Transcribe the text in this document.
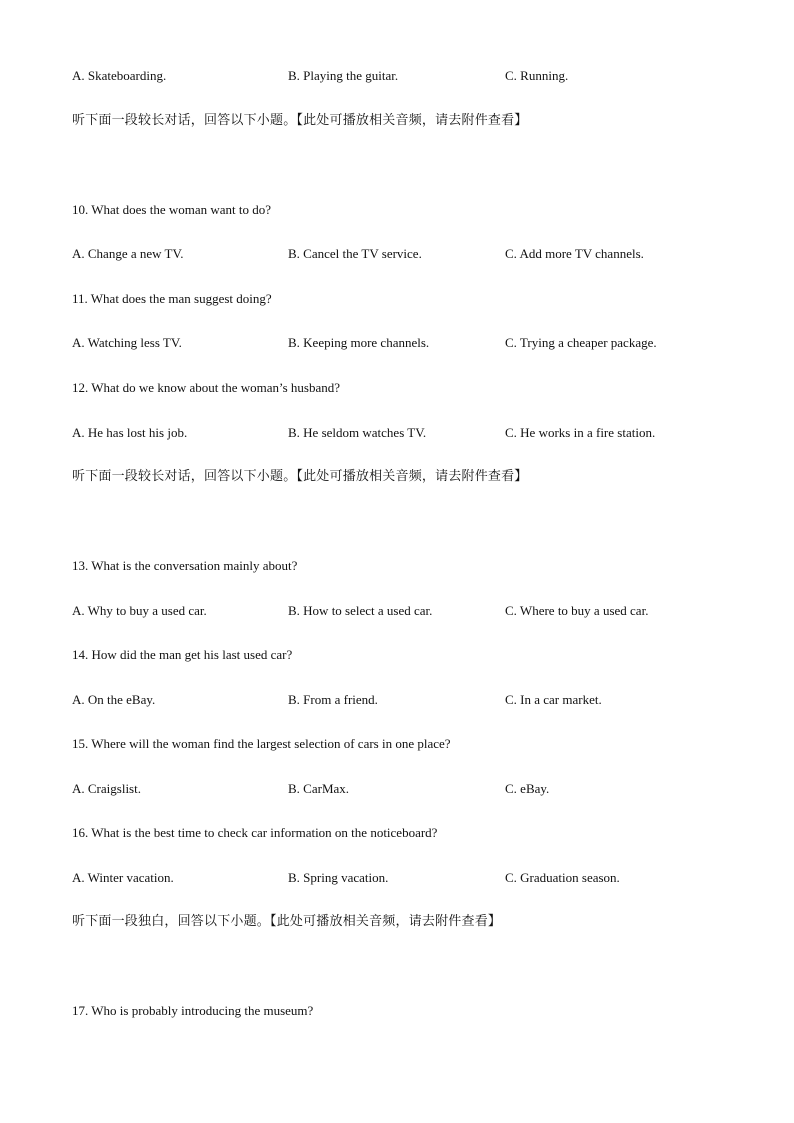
A. Skateboarding.	B. Playing the guitar.	C. Running.
听下面一段较长对话，回答以下小题。【此处可播放相关音频，请去附件查看】
10. What does the woman want to do?
A. Change a new TV.	B. Cancel the TV service.	C. Add more TV channels.
11. What does the man suggest doing?
A. Watching less TV.	B. Keeping more channels.	C. Trying a cheaper package.
12. What do we know about the woman’s husband?
A. He has lost his job.	B. He seldom watches TV.	C. He works in a fire station.
听下面一段较长对话，回答以下小题。【此处可播放相关音频，请去附件查看】
13. What is the conversation mainly about?
A. Why to buy a used car.	B. How to select a used car.	C. Where to buy a used car.
14. How did the man get his last used car?
A. On the eBay.	B. From a friend.	C. In a car market.
15. Where will the woman find the largest selection of cars in one place?
A. Craigslist.	B. CarMax.	C. eBay.
16. What is the best time to check car information on the noticeboard?
A. Winter vacation.	B. Spring vacation.	C. Graduation season.
听下面一段独白，回答以下小题。【此处可播放相关音频，请去附件查看】
17. Who is probably introducing the museum?
